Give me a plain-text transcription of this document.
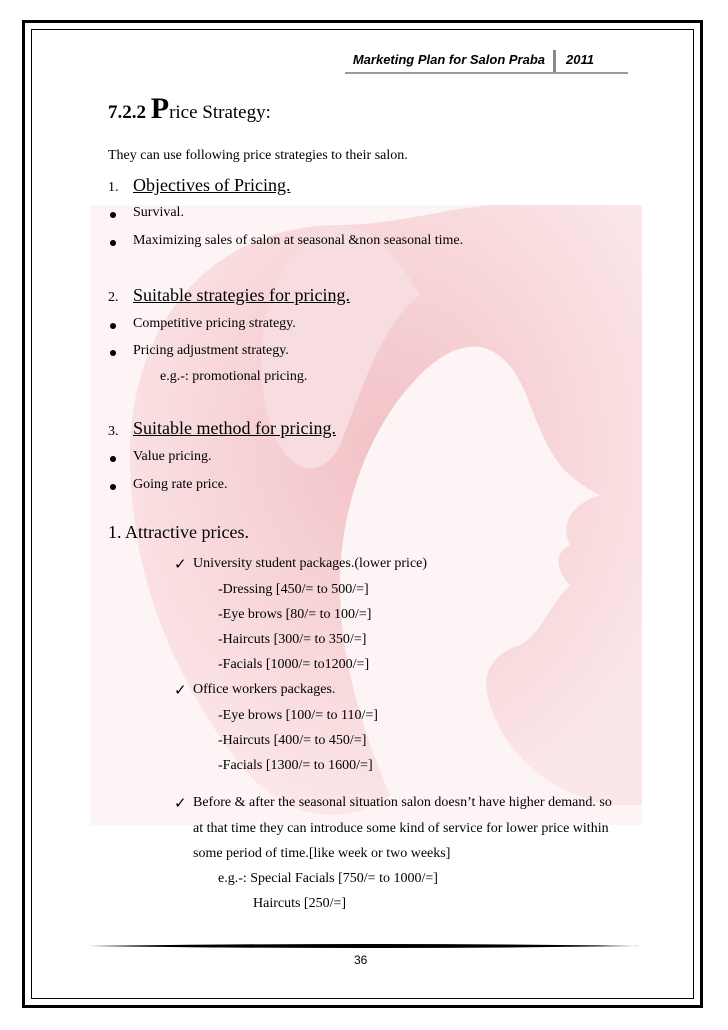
Marketing Plan for Salon Praba 2011
7.2.2 Price Strategy:
They can use following price strategies to their salon.
1. Objectives of Pricing.
Survival.
Maximizing sales of salon at seasonal &non seasonal time.
2. Suitable strategies for pricing.
Competitive pricing strategy.
Pricing adjustment strategy.
e.g.-: promotional pricing.
3. Suitable method for pricing.
Value pricing.
Going rate price.
1. Attractive prices.
✓ University student packages.(lower price)
-Dressing [450/= to 500/=]
-Eye brows [80/= to 100/=]
-Haircuts [300/= to 350/=]
-Facials [1000/= to1200/=]
✓ Office workers packages.
-Eye brows [100/= to 110/=]
-Haircuts [400/= to 450/=]
-Facials [1300/= to 1600/=]
✓ Before & after the seasonal situation salon doesn’t have higher demand. so
at that time they can introduce some kind of service for lower price within
some period of time.[like week or two weeks]
e.g.-: Special Facials [750/= to 1000/=]
Haircuts [250/=]
36
